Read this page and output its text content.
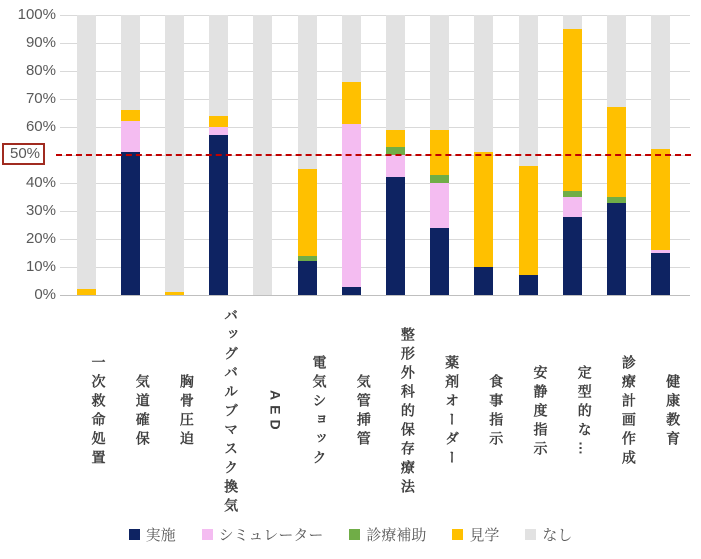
0%
10%
20%
30%
40%
50%
60%
70%
80%
90%
100%
一次救命処置	気道確保	胸骨圧迫	バッグバルブマスク換気	AED	電気ショック	気管挿管	整形外科的保存療法	薬剤オーダー	食事指示	安静度指示	定型的な…	診療計画作成	健康教育
実施	シミュレーター	診療補助	見学	なし
